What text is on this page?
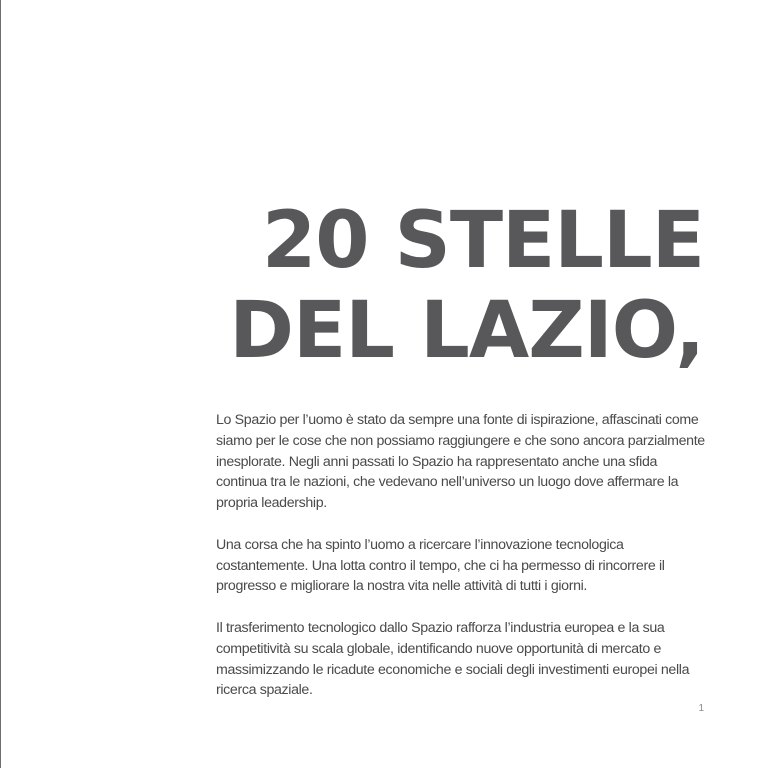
20 STELLE
DEL LAZIO,

Lo Spazio per l’uomo è stato da sempre una fonte di ispirazione, affascinati come siamo per le cose che non possiamo raggiungere e che sono ancora parzialmente inesplorate. Negli anni passati lo Spazio ha rappresentato anche una sfida continua tra le nazioni, che vedevano nell’universo un luogo dove affermare la propria leadership.

Una corsa che ha spinto l’uomo a ricercare l’innovazione tecnologica costantemente. Una lotta contro il tempo, che ci ha permesso di rincorrere il progresso e migliorare la nostra vita nelle attività di tutti i giorni.

Il trasferimento tecnologico dallo Spazio rafforza l’industria europea e la sua competitività su scala globale, identificando nuove opportunità di mercato e massimizzando le ricadute economiche e sociali degli investimenti europei nella ricerca spaziale.

1
